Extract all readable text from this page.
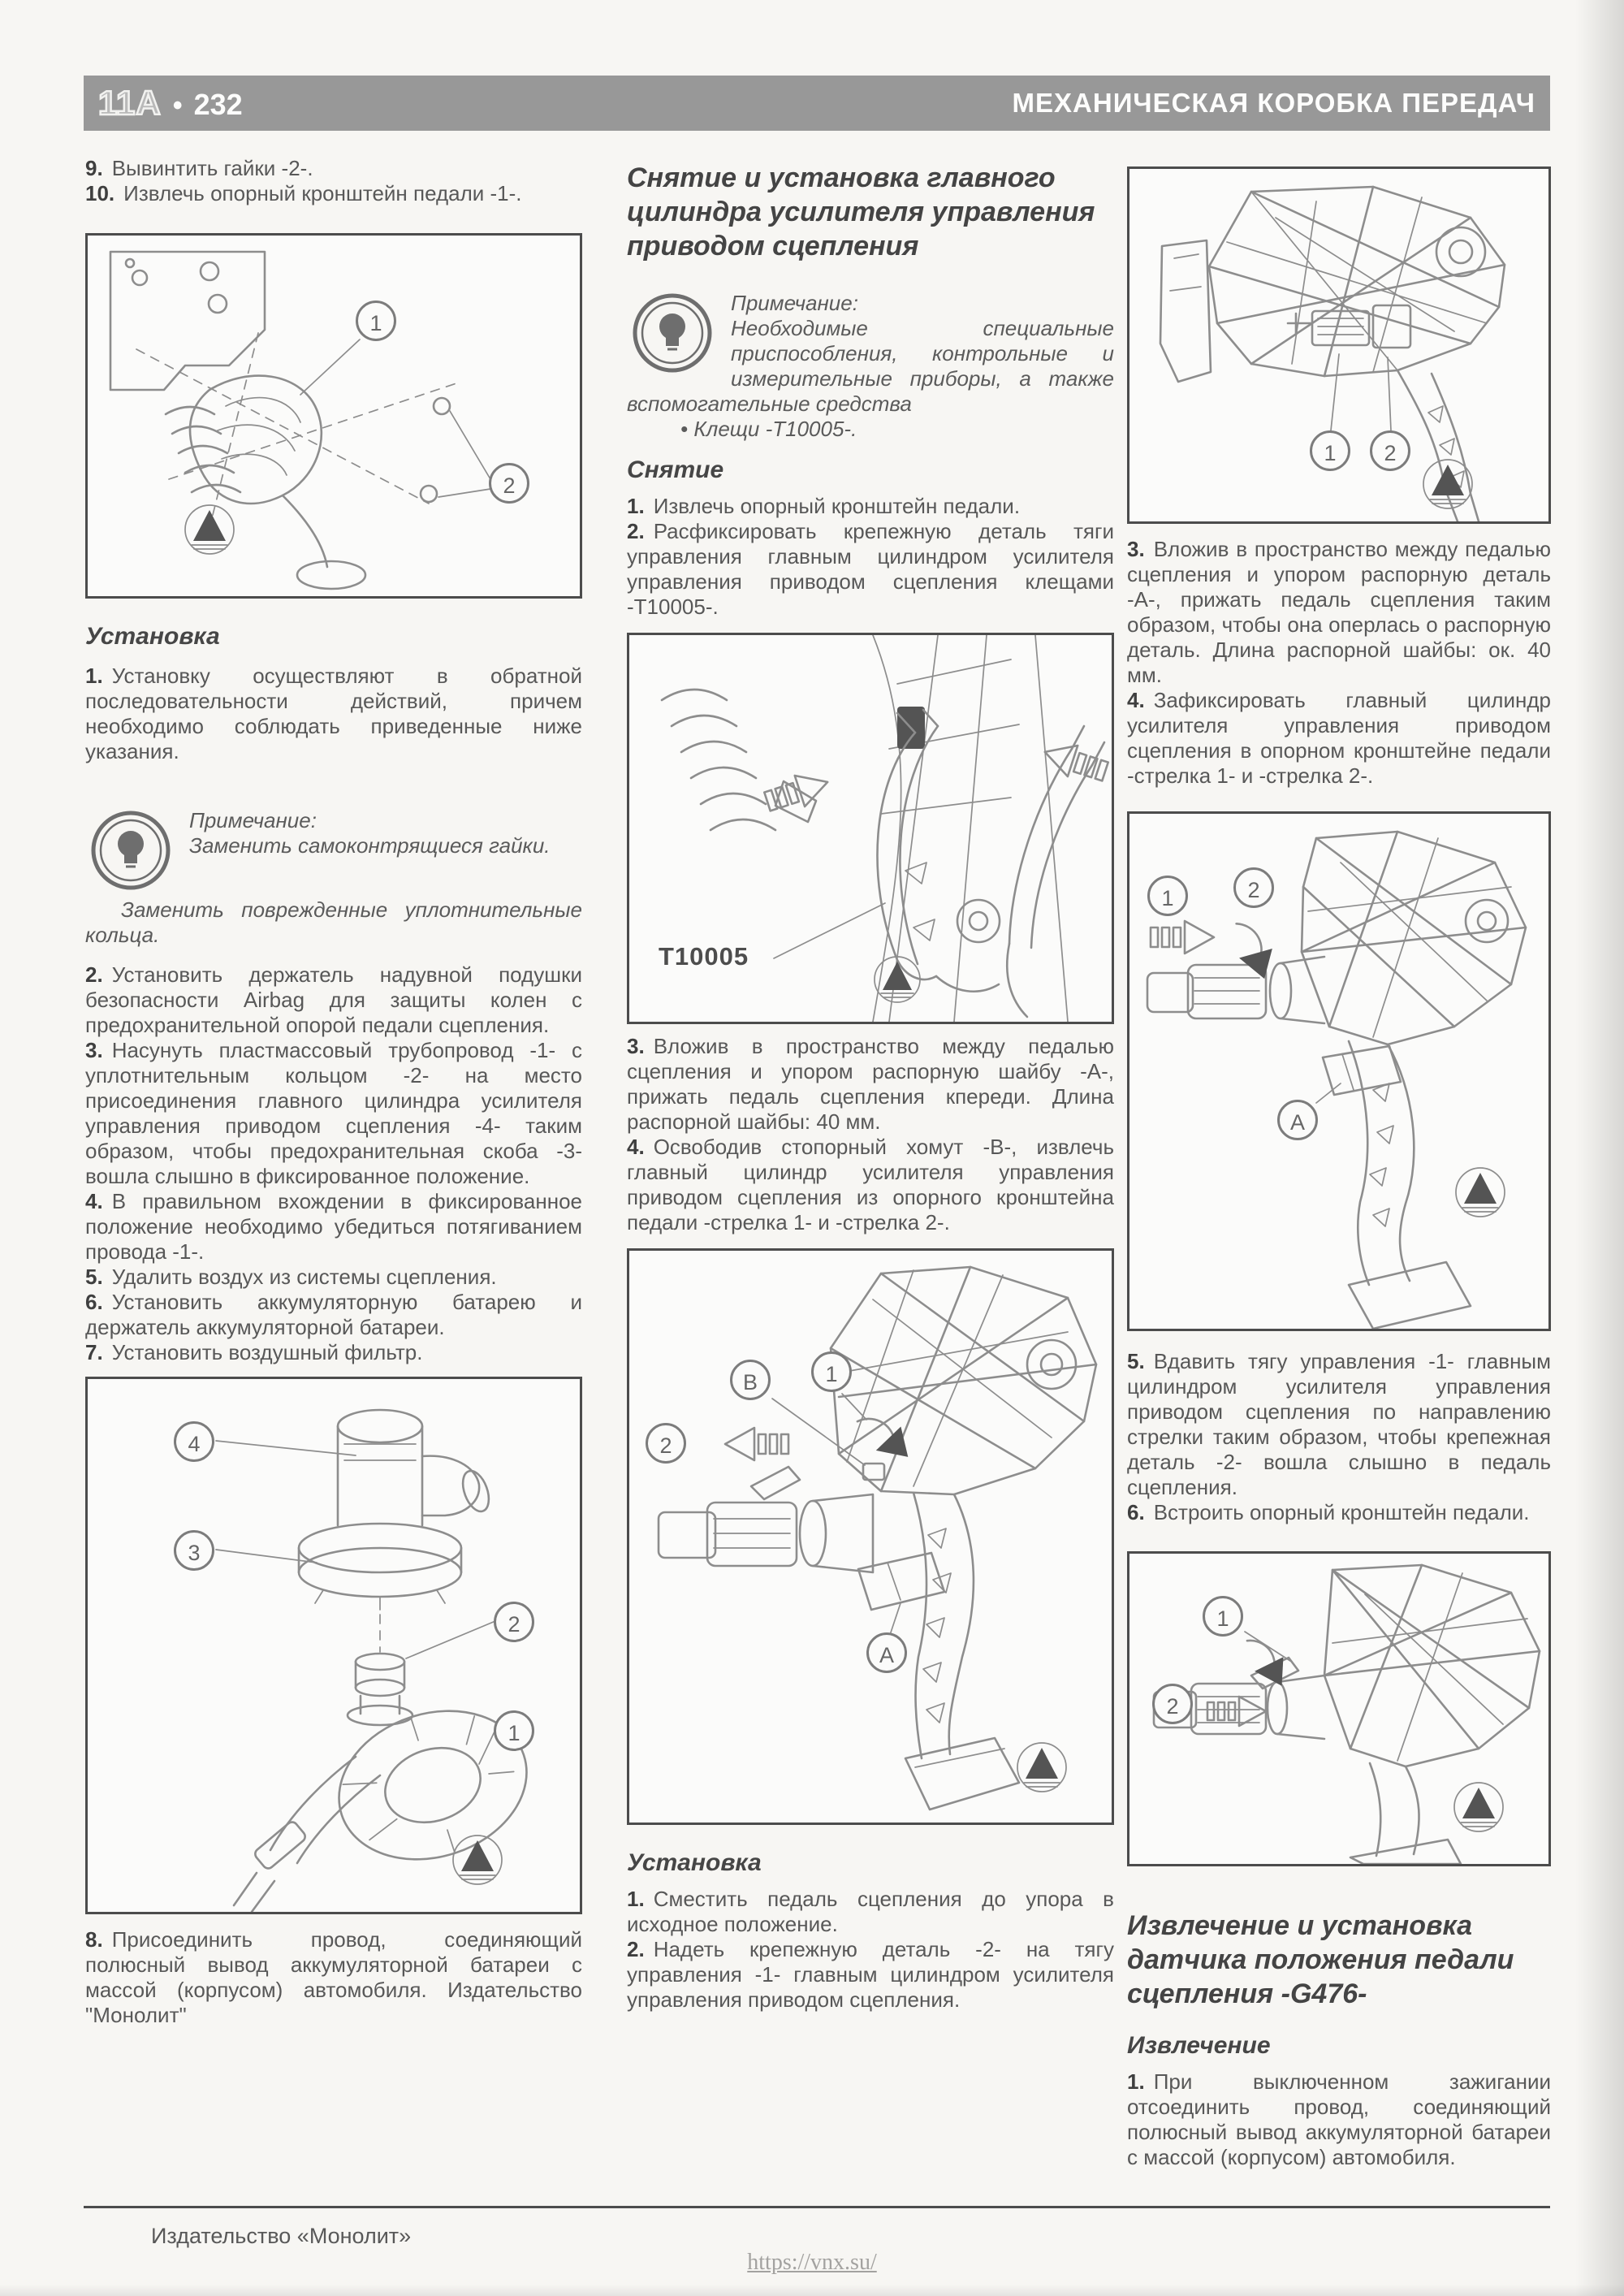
11A • 232	МЕХАНИЧЕСКАЯ КОРОБКА ПЕРЕДАЧ

9. Вывинтить гайки -2-.

10. Извлечь опорный кронштейн педали -1-.

1
2
Установка

1. Установку осуществляют в обратной последовательности действий, причем необходимо соблюдать приведенные ниже указания.

Примечание:
Заменить самоконтрящиеся гайки.

Заменить поврежденные уплотнительные кольца.

2. Установить держатель надувной подушки безопасности Airbag для защиты колен с предохранительной опорой педали сцепления.

3. Насунуть пластмассовый трубопровод -1- с уплотнительным кольцом -2- на место присоединения главного цилиндра усилителя управления приводом сцепления -4- таким образом, чтобы предохранительная скоба -3- вошла слышно в фиксированное положение.

4. В правильном вхождении в фиксированное положение необходимо убедиться потягиванием провода -1-.

5. Удалить воздух из системы сцепления.

6. Установить аккумуляторную батарею и держатель аккумуляторной батареи.

7. Установить воздушный фильтр.

4
3
2
1

8. Присоединить провод, соединяющий полюсный вывод аккумуляторной батареи с массой (корпусом) автомобиля. Издательство "Монолит"

Снятие и установка главного цилиндра усилителя управления приводом сцепления
Примечание:
Необходимые специальные приспособления, контрольные и измерительные приборы, а также вспомогательные средства
• Клещи -Т10005-.
Снятие

1. Извлечь опорный кронштейн педали.

2. Расфиксировать крепежную деталь тяги управления главным цилиндром усилителя управления приводом сцепления клещами -Т10005-.

T10005

3. Вложив в пространство между педалью сцепления и упором распорную шайбу -А-, прижать педаль сцепления кпереди. Длина распорной шайбы: 40 мм.

4. Освободив стопорный хомут -В-, извлечь главный цилиндр усилителя управления приводом сцепления из опорного кронштейна педали -стрелка 1- и -стрелка 2-.

B	1
2
A
Установка

1. Сместить педаль сцепления до упора в исходное положение.

2. Надеть крепежную деталь -2- на тягу управления -1- главным цилиндром усилителя управления приводом сцепления.

1	2

3. Вложив в пространство между педалью сцепления и упором распорную деталь -А-, прижать педаль сцепления таким образом, чтобы она оперлась о распорную деталь. Длина распорной шайбы: ок. 40 мм.

4. Зафиксировать главный цилиндр усилителя управления приводом сцепления в опорном кронштейне педали -стрелка 1- и -стрелка 2-.

1	2
A

5. Вдавить тягу управления -1- главным цилиндром усилителя управления приводом сцепления по направлению стрелки таким образом, чтобы крепежная деталь -2- вошла слышно в педаль сцепления.

6. Встроить опорный кронштейн педали.

1
2
Извлечение и установка датчика положения педали сцепления -G476-
Извлечение

1. При выключенном зажигании отсоединить провод, соединяющий полюсный вывод аккумуляторной батареи с массой (корпусом) автомобиля.

Издательство «Монолит»
https://vnx.su/
